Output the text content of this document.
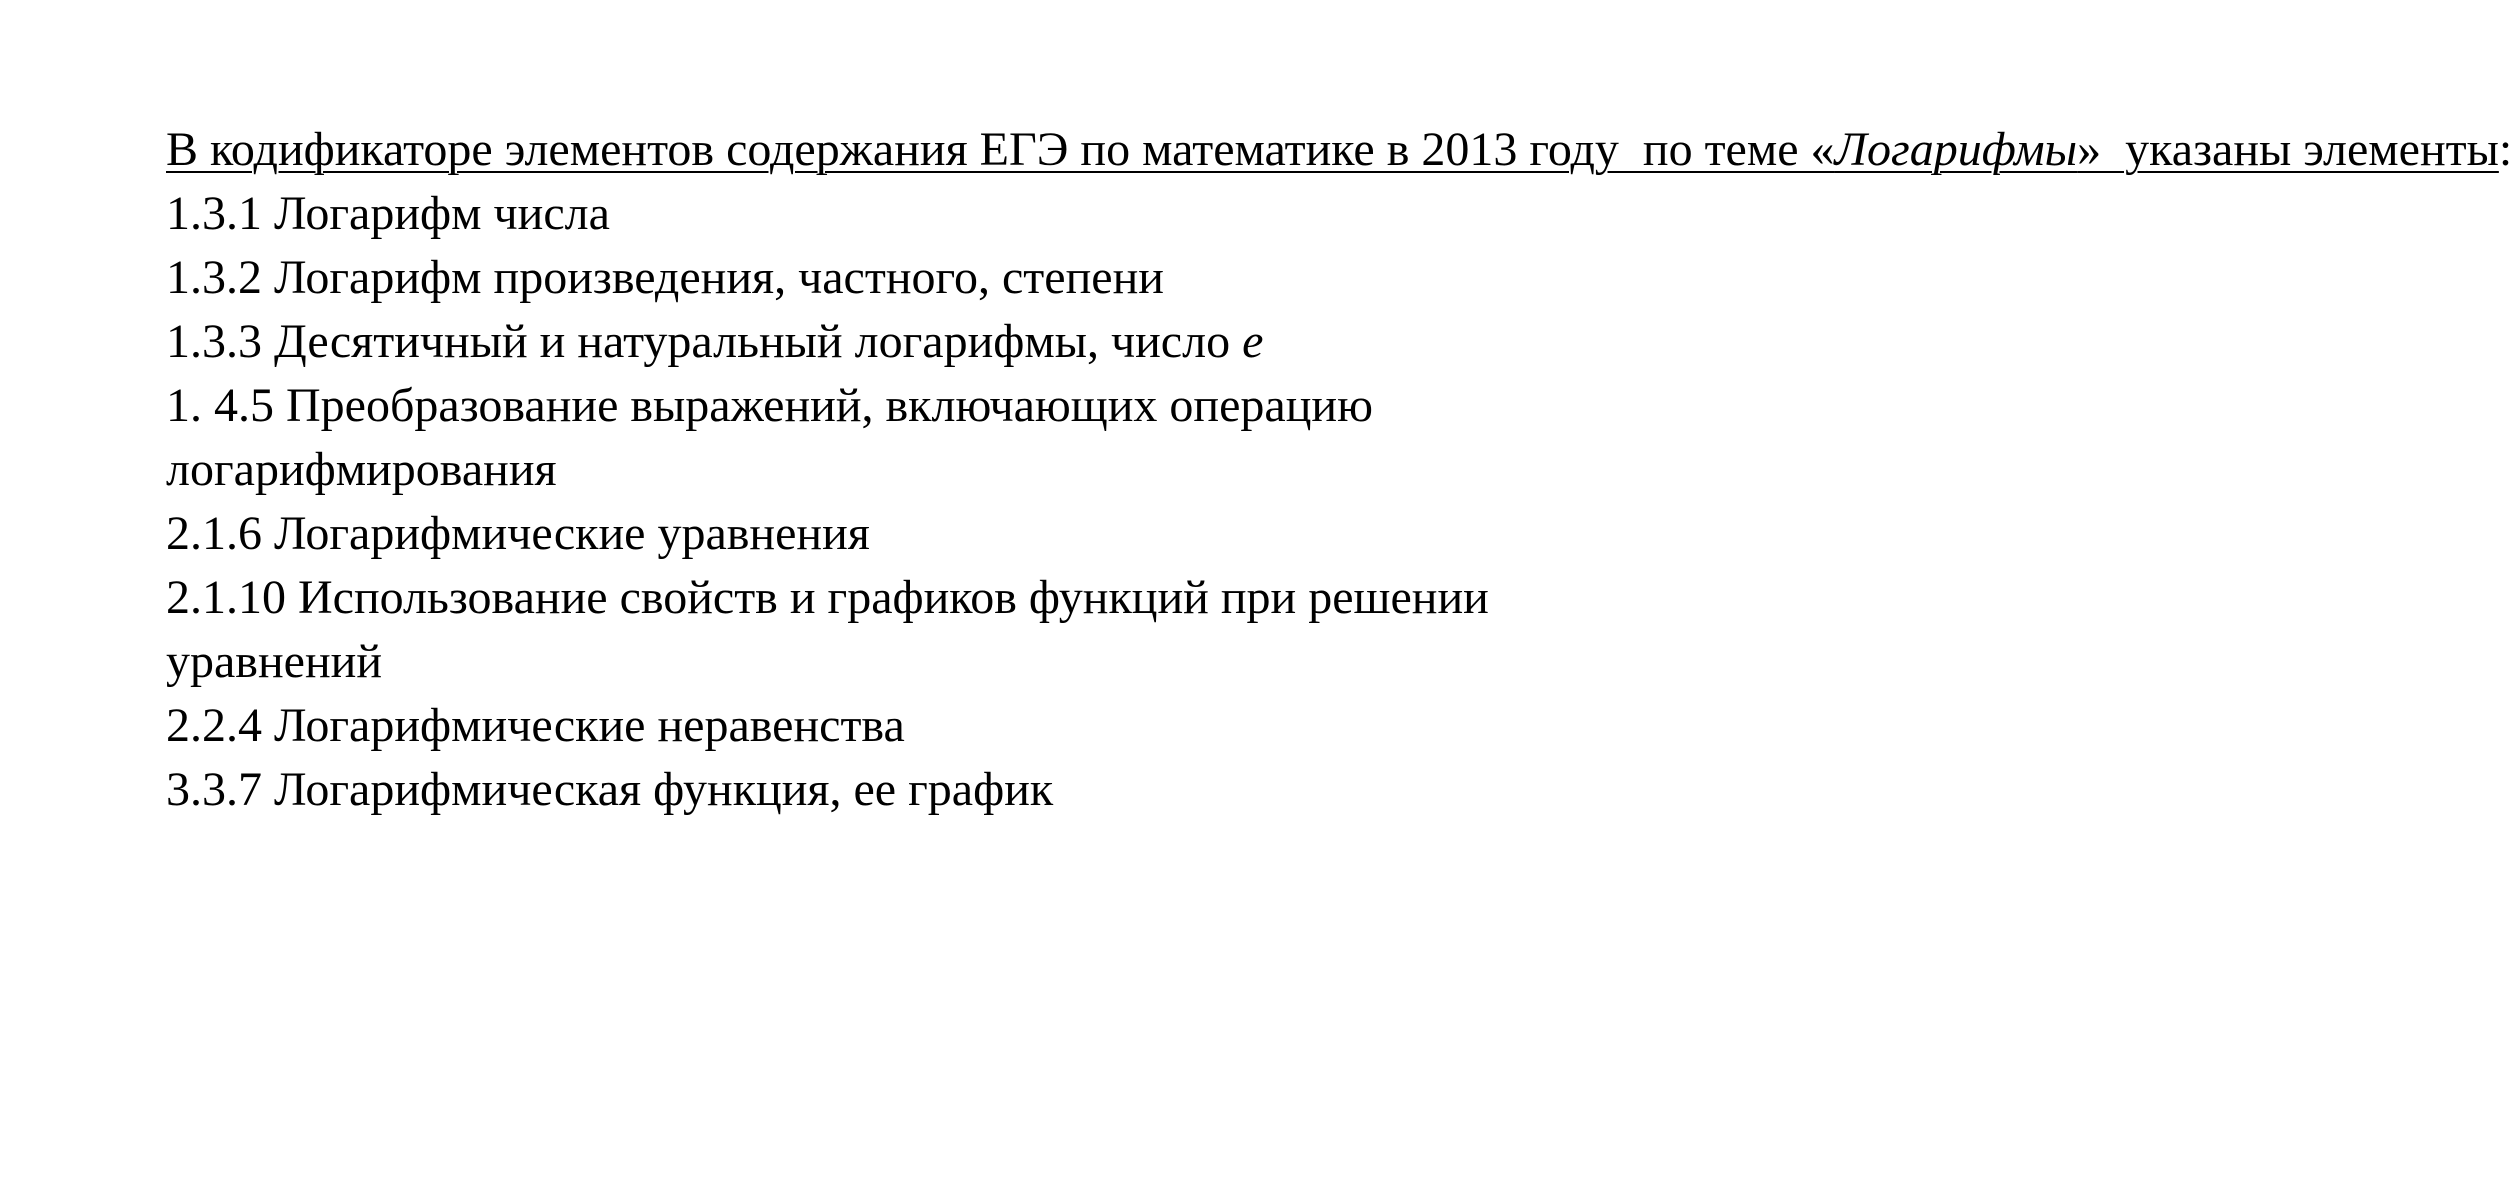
В кодификаторе элементов содержания ЕГЭ по математике в 2013 году  по теме «Логарифмы»  указаны элементы:

1.3.1 Логарифм числа
1.3.2 Логарифм произведения, частного, степени
1.3.3 Десятичный и натуральный логарифмы, число e
1. 4.5 Преобразование выражений, включающих операцию логарифмирования
2.1.6 Логарифмические уравнения
2.1.10 Использование свойств и графиков функций при решении уравнений
2.2.4 Логарифмические неравенства
3.3.7 Логарифмическая функция, ее график
